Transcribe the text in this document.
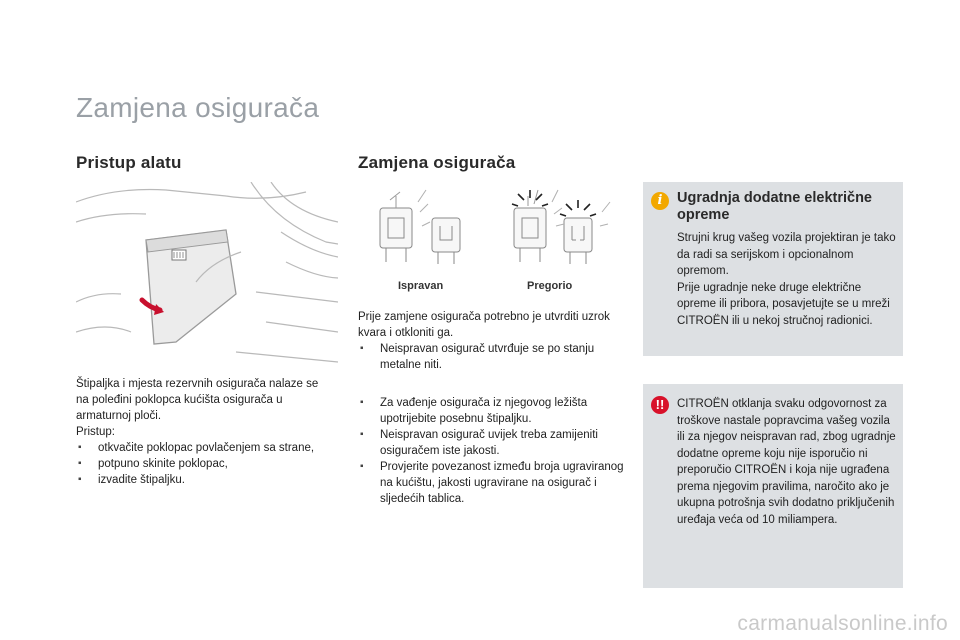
Zamjena osigurača
Pristup alatu
Štipaljka i mjesta rezervnih osigurača nalaze se na poleđini poklopca kućišta osigurača u armaturnoj ploči.
Pristup:
▪ otkvačite poklopac povlačenjem sa strane,
▪ potpuno skinite poklopac,
▪ izvadite štipaljku.
Zamjena osigurača
Ispravan	Pregorio
Prije zamjene osigurača potrebno je utvrditi uzrok kvara i otkloniti ga.
▪ Neispravan osigurač utvrđuje se po stanju metalne niti.
▪ Za vađenje osigurača iz njegovog ležišta upotrijebite posebnu štipaljku.
▪ Neispravan osigurač uvijek treba zamijeniti osiguračem iste jakosti.
▪ Provjerite povezanost između broja ugraviranog na kućištu, jakosti ugravirane na osigurač i sljedećih tablica.
i	Ugradnja dodatne električne opreme
Strujni krug vašeg vozila projektiran je tako da radi sa serijskom i opcionalnom opremom.
Prije ugradnje neke druge električne opreme ili pribora, posavjetujte se u mreži CITROËN ili u nekoj stručnoj radionici.
!!	CITROËN otklanja svaku odgovornost za troškove nastale popravcima vašeg vozila ili za njegov neispravan rad, zbog ugradnje dodatne opreme koju nije isporučio ni preporučio CITROËN i koja nije ugrađena prema njegovim pravilima, naročito ako je ukupna potrošnja svih dodatno priključenih uređaja veća od 10 miliampera.
carmanualsonline.info
